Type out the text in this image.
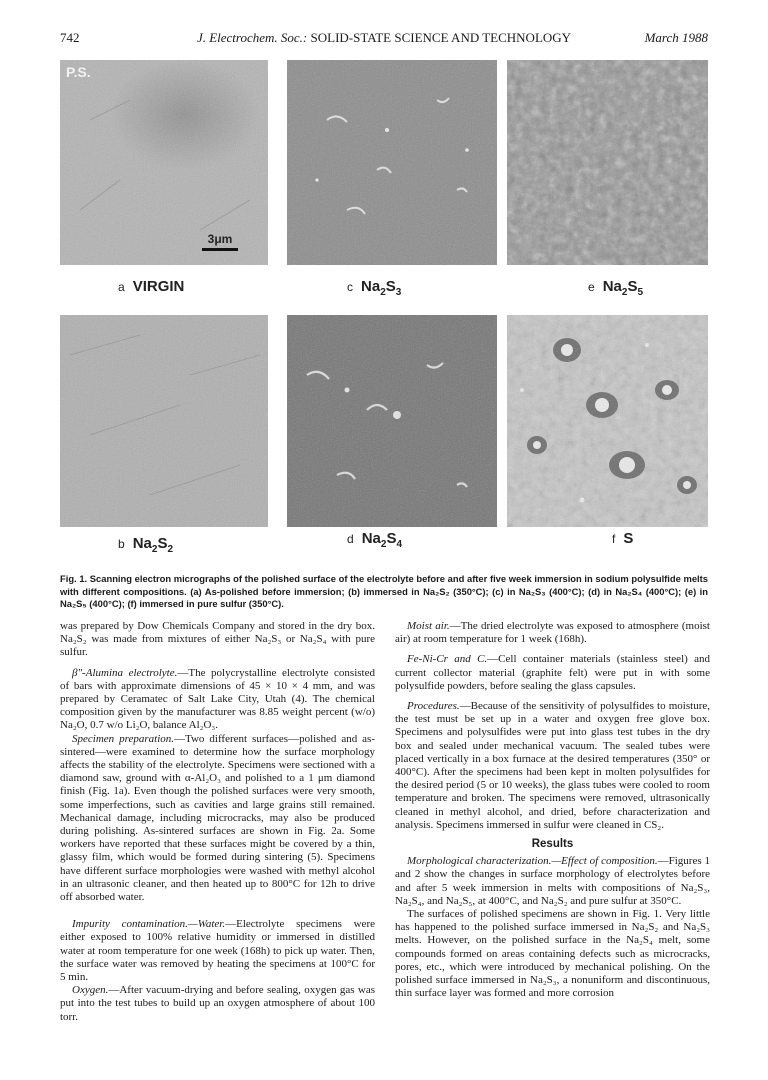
742	J. Electrochem. Soc.: SOLID-STATE SCIENCE AND TECHNOLOGY	March 1988
P.S.
3μm
a VIRGIN	c $Na_2S_3$	e $Na_2S_5$
b $Na_2S_2$
d $Na_2S_4$	f S
Fig. 1. Scanning electron micrographs of the polished surface of the electrolyte before and after five week immersion in sodium polysulfide melts with different compositions. (a) As-polished before immersion; (b) immersed in Na₂S₂ (350°C); (c) in Na₂S₃ (400°C); (d) in Na₂S₄ (400°C); (e) in Na₂S₅ (400°C); (f) immersed in pure sulfur (350°C).

was prepared by Dow Chemicals Company and stored in the dry box. Na₂S₂ was made from mixtures of either Na₂S₃ or Na₂S₄ with pure sulfur.

β″-Alumina electrolyte.—The polycrystalline electrolyte consisted of bars with approximate dimensions of 45 × 10 × 4 mm, and was prepared by Ceramatec of Salt Lake City, Utah (4). The chemical composition given by the manufacturer was 8.85 weight percent (w/o) Na₂O, 0.7 w/o Li₂O, balance Al₂O₃.

Specimen preparation.—Two different surfaces—polished and as-sintered—were examined to determine how the surface morphology affects the stability of the electrolyte. Specimens were sectioned with a diamond saw, ground with α-Al₂O₃ and polished to a 1 μm diamond finish (Fig. 1a). Even though the polished surfaces were very smooth, some imperfections, such as cavities and large grains still remained. Mechanical damage, including microcracks, may also be produced during polishing. As-sintered surfaces are shown in Fig. 2a. Some workers have reported that these surfaces might be covered by a thin, glassy film, which would be formed during sintering (5). Specimens have different surface morphologies were washed with methyl alcohol in an ultrasonic cleaner, and then heated up to 800°C for 12h to drive off absorbed water.

Impurity contamination.—Water.—Electrolyte specimens were either exposed to 100% relative humidity or immersed in distilled water at room temperature for one week (168h) to pick up water. Then, the surface water was removed by heating the specimens at 100°C for 5 min.

Oxygen.—After vacuum-drying and before sealing, oxygen gas was put into the test tubes to build up an oxygen atmosphere of about 100 torr.

Moist air.—The dried electrolyte was exposed to atmosphere (moist air) at room temperature for 1 week (168h).

Fe-Ni-Cr and C.—Cell container materials (stainless steel) and current collector material (graphite felt) were put in with some polysulfide powders, before sealing the glass capsules.

Procedures.—Because of the sensitivity of polysulfides to moisture, the test must be set up in a water and oxygen free glove box. Specimens and polysulfides were put into glass test tubes in the dry box and sealed under mechanical vacuum. The sealed tubes were placed vertically in a box furnace at the desired temperatures (350° or 400°C). After the specimens had been kept in molten polysulfides for the desired period (5 or 10 weeks), the glass tubes were cooled to room temperature and broken. The specimens were removed, ultrasonically cleaned in methyl alcohol, and dried, before characterization and analysis. Specimens immersed in sulfur were cleaned in CS₂.

Results

Morphological characterization.—Effect of composition.—Figures 1 and 2 show the changes in surface morphology of electrolytes before and after 5 week immersion in melts with compositions of Na₂S₃, Na₂S₄, and Na₂S₅, at 400°C, and Na₂S₂ and pure sulfur at 350°C.

The surfaces of polished specimens are shown in Fig. 1. Very little has happened to the polished surface immersed in Na₂S₂ and Na₂S₃ melts. However, on the polished surface in the Na₂S₄ melt, some compounds formed on areas containing defects such as microcracks, pores, etc., which were introduced by mechanical polishing. On the polished surface immersed in Na₂S₃, a nonuniform and discontinuous, thin surface layer was formed and more corrosion
